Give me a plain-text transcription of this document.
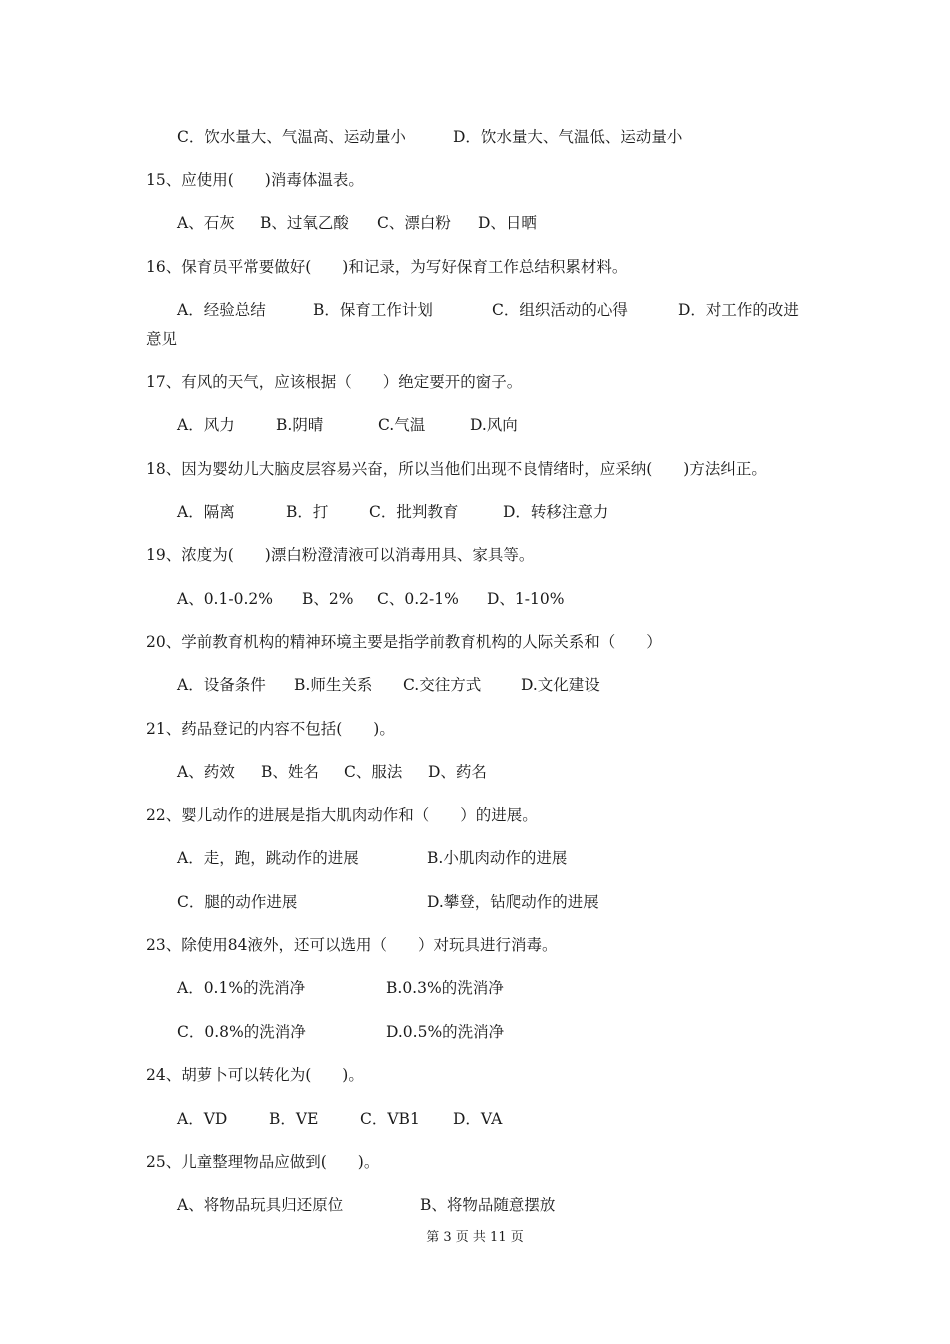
C．饮水量大、气温高、运动量小	D．饮水量大、气温低、运动量小
15、应使用(　　)消毒体温表。
A、石灰 B、过氧乙酸 C、漂白粉 D、日晒
16、保育员平常要做好(　　)和记录，为写好保育工作总结积累材料。
A．经验总结	B．保育工作计划	C．组织活动的心得	D．对工作的改进
意见
17、有风的天气，应该根据（　　）绝定要开的窗子。
A．风力	B.阴晴	C.气温	D.风向
18、因为婴幼儿大脑皮层容易兴奋，所以当他们出现不良情绪时，应采纳(　　)方法纠正。
A．隔离	B．打	C．批判教育	D．转移注意力
19、浓度为(　　)漂白粉澄清液可以消毒用具、家具等。
A、0.1-0.2% B、2% C、0.2-1% D、1-10%
20、学前教育机构的精神环境主要是指学前教育机构的人际关系和（　　）
A．设备条件 B.师生关系 C.交往方式	D.文化建设
21、药品登记的内容不包括(　　)。
A、药效 B、姓名 C、服法 D、药名
22、婴儿动作的进展是指大肌肉动作和（　　）的进展。
A．走，跑，跳动作的进展	B.小肌肉动作的进展
C．腿的动作进展	D.攀登，钻爬动作的进展
23、除使用84液外，还可以选用（　　）对玩具进行消毒。
A．0.1%的洗消净	B.0.3%的洗消净
C．0.8%的洗消净	D.0.5%的洗消净
24、胡萝卜可以转化为(　　)。
A．VD	B．VE	C．VB1 D．VA
25、儿童整理物品应做到(　　)。
A、将物品玩具归还原位	B、将物品随意摆放
第 3 页 共 11 页
